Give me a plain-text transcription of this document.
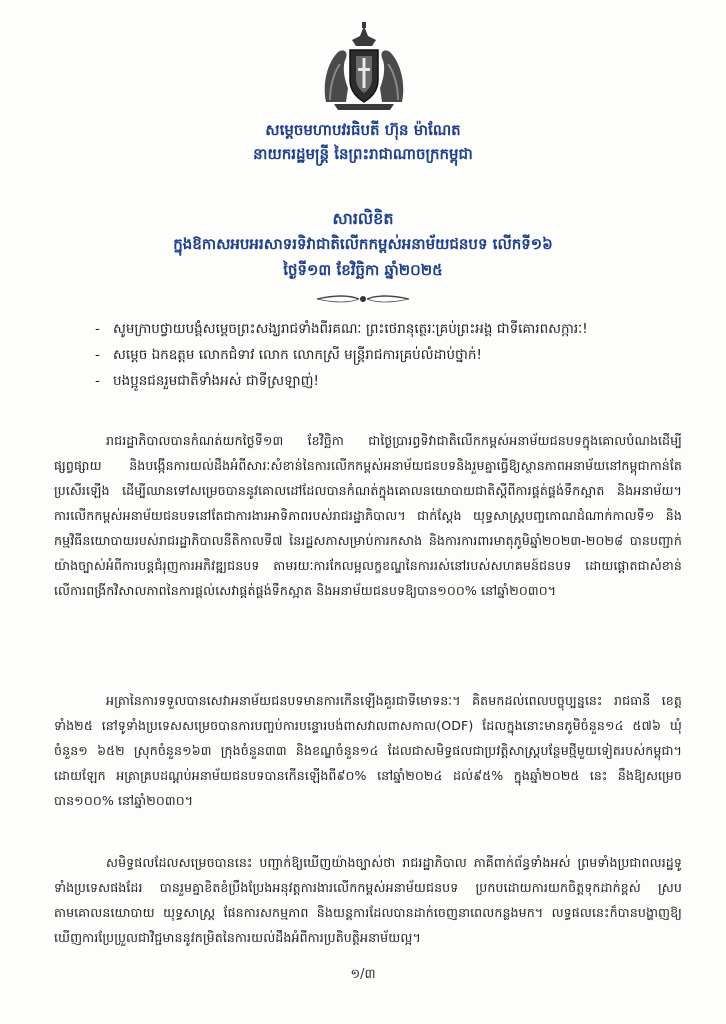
សម្ដេចមហាបវរធិបតី ហ៊ុន ម៉ាណែត
នាយករដ្ឋមន្ត្រី នៃព្រះរាជាណាចក្រកម្ពុជា
សារលិខិត
ក្នុងឱកាសអបអរសាទរទិវាជាតិលើកកម្ពស់អនាម័យជនបទ លើកទី១៦
ថ្ងៃទី១៣ ខែវិច្ឆិកា ឆ្នាំ២០២៥
- សូមក្រាបថ្វាយបង្គំសម្ដេចព្រះសង្ឃរាជទាំងពីរគណៈ ព្រះថេរានុត្ថេរៈគ្រប់ព្រះអង្គ ជាទីគោរពសក្ការៈ!
- សម្ដេច ឯកឧត្តម លោកជំទាវ លោក លោកស្រី មន្ត្រីរាជការគ្រប់លំដាប់ថ្នាក់!
- បងប្អូនជនរួមជាតិទាំងអស់ ជាទីស្រឡាញ់!

រាជរដ្ឋាភិបាលបានកំណត់យកថ្ងៃទី១៣ ខែវិច្ឆិកា ជាថ្ងៃប្រារព្ធទិវាជាតិលើកកម្ពស់អនាម័យជនបទក្នុងគោលបំណងដើម្បីផ្សព្វផ្សាយ និងបង្កើនការយល់ដឹងអំពីសារៈសំខាន់នៃការលើកកម្ពស់អនាម័យជនបទនិងរួមគ្នាធ្វើឱ្យស្ថានភាពអនាម័យនៅកម្ពុជាកាន់តែប្រសើរឡើង ដើម្បីឈានទៅសម្រេចបាននូវគោលដៅដែលបានកំណត់ក្នុងគោលនយោបាយជាតិស្ដីពីការផ្គត់ផ្គង់ទឹកស្អាត និងអនាម័យ។ ការលើកកម្ពស់អនាម័យជនបទនៅតែជាការងារអាទិភាពរបស់រាជរដ្ឋាភិបាល។ ជាក់ស្ដែង យុទ្ធសាស្ត្របញ្ចកោណដំណាក់កាលទី១ និងកម្មវិធីនយោបាយរបស់រាជរដ្ឋាភិបាលនីតិកាលទី៧ នៃរដ្ឋសភាសម្រាប់ការកសាង និងការការពារមាតុភូមិឆ្នាំ២០២៣-២០២៨ បានបញ្ជាក់យ៉ាងច្បាស់អំពីការបន្តជំរុញការអភិវឌ្ឍជនបទ តាមរយៈការកែលម្អលក្ខខណ្ឌនៃការរស់នៅរបស់សហគមន៍ជនបទ ដោយផ្ដោតជាសំខាន់លើការពង្រីកវិសាលភាពនៃការផ្ដល់សេវាផ្គត់ផ្គង់ទឹកស្អាត និងអនាម័យជនបទឱ្យបាន១០០% នៅឆ្នាំ២០៣០។

អត្រានៃការទទួលបានសេវាអនាម័យជនបទមានការកើនឡើងគួរជាទីមោទនៈ។ គិតមកដល់ពេលបច្ចុប្បន្ននេះ រាជធានី ខេត្តទាំង២៥ នៅទូទាំងប្រទេសសម្រេចបានការបញ្ចប់ការបន្ទោរបង់ពាសវាលពាសកាល(ODF) ដែលក្នុងនោះមានភូមិចំនួន១៤ ៥៧៦ ឃុំចំនួន១ ៦៥២ ស្រុកចំនួន១៦៣ ក្រុងចំនួន៣៣ និងខណ្ឌចំនួន១៤ ដែលជាសមិទ្ធផលជាប្រវត្តិសាស្ត្របន្ថែមថ្មីមួយទៀតរបស់កម្ពុជា។ ដោយឡែក អត្រាគ្របដណ្ដប់អនាម័យជនបទបានកើនឡើងពី៩០% នៅឆ្នាំ២០២៤ ដល់៩៥% ក្នុងឆ្នាំ២០២៥ នេះ នឹងឱ្យសម្រេចបាន១០០% នៅឆ្នាំ២០៣០។

សមិទ្ធផលដែលសម្រេចបាននេះ បញ្ជាក់ឱ្យឃើញយ៉ាងច្បាស់ថា រាជរដ្ឋាភិបាល ភាគីពាក់ព័ន្ធទាំងអស់ ព្រមទាំងប្រជាពលរដ្ឋទូទាំងប្រទេសផងដែរ បានរួមគ្នាខិតខំប្រឹងប្រែងអនុវត្តការងារលើកកម្ពស់អនាម័យជនបទ ប្រកបដោយការយកចិត្តទុកដាក់ខ្ពស់ ស្របតាមគោលនយោបាយ យុទ្ធសាស្ត្រ ផែនការសកម្មភាព និងយន្តការដែលបានដាក់ចេញនាពេលកន្លងមក។ លទ្ធផលនេះក៏បានបង្ហាញឱ្យឃើញការប្រែប្រួលជាវិជ្ជមាននូវកម្រិតនៃការយល់ដឹងអំពីការប្រតិបត្តិអនាម័យល្អ។

១/៣
